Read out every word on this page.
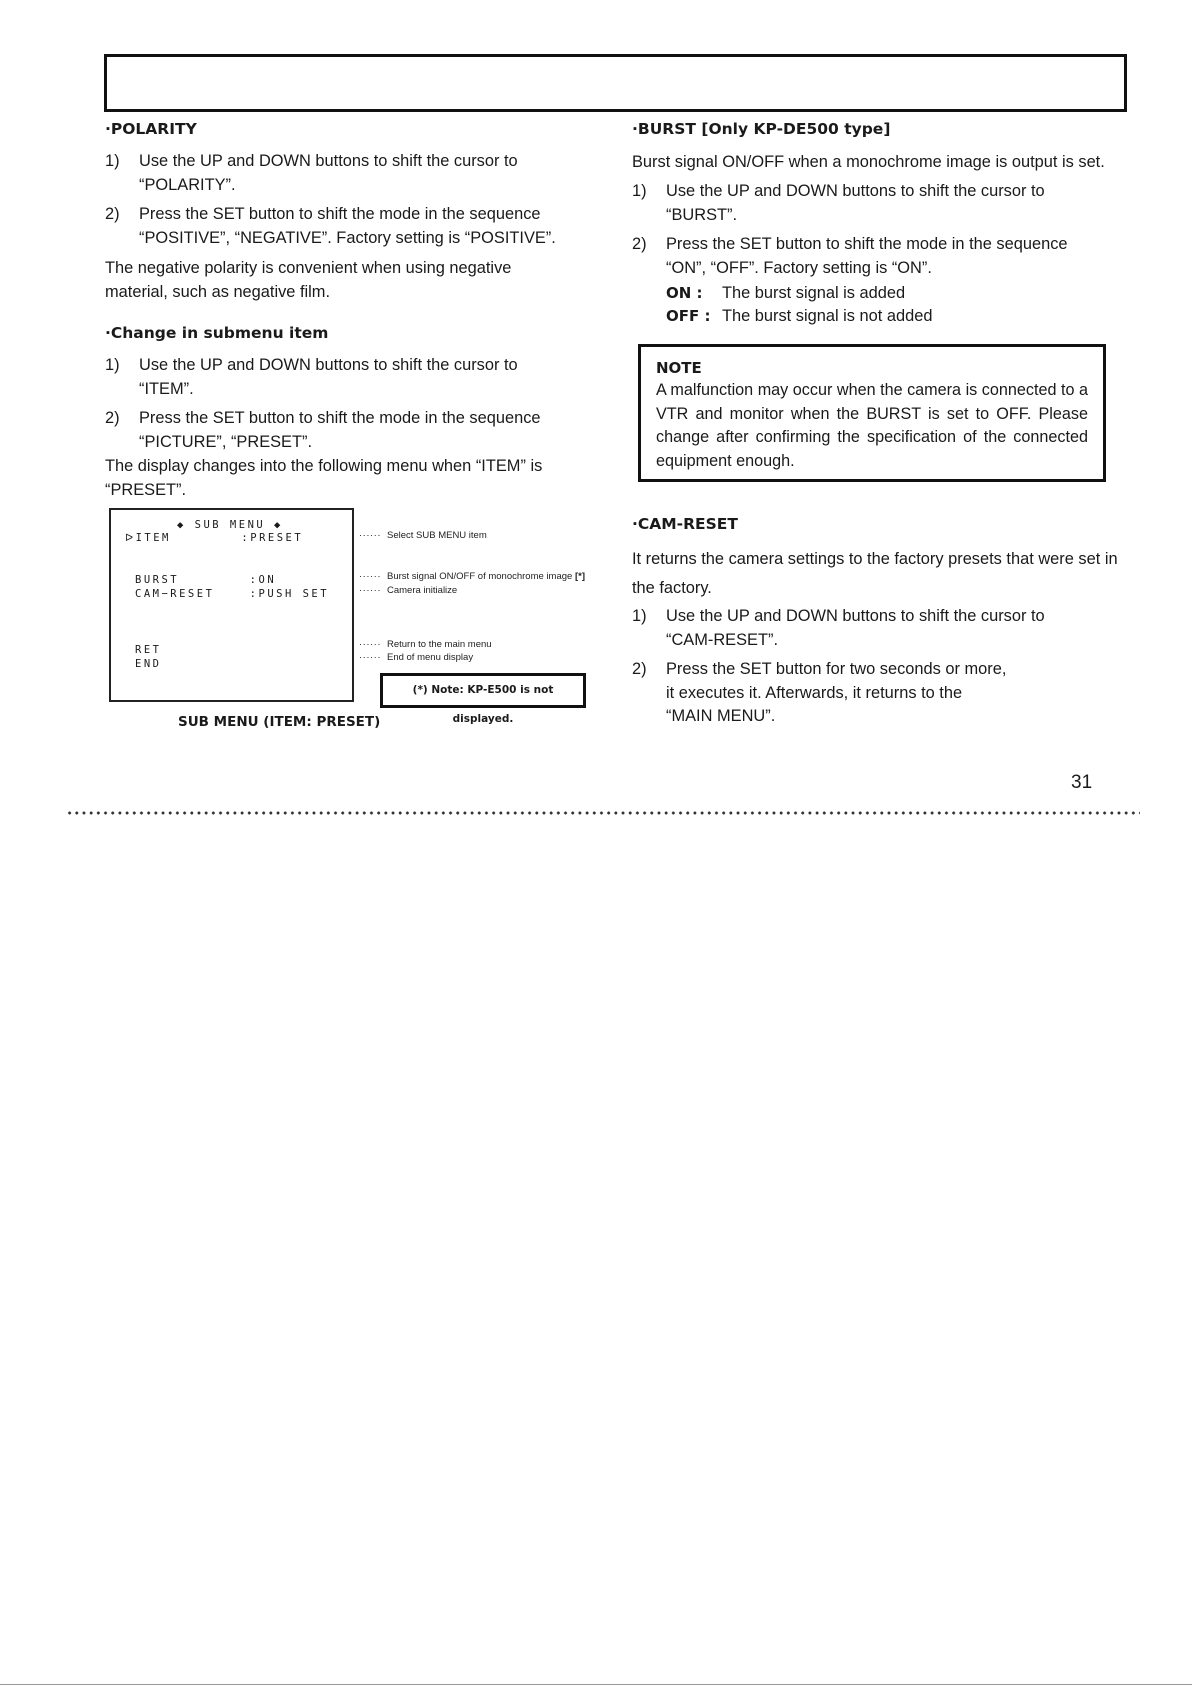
·POLARITY
1)	Use the UP and DOWN buttons to shift the cursor to “POLARITY”.
2)	Press the SET button to shift the mode in the sequence “POSITIVE”, “NEGATIVE”. Factory setting is “POSITIVE”.

The negative polarity is convenient when using negative material, such as negative film.

·Change in submenu item
1)	Use the UP and DOWN buttons to shift the cursor to “ITEM”.
2)	Press the SET button to shift the mode in the sequence “PICTURE”, “PRESET”.

The display changes into the following menu when “ITEM” is “PRESET”.

◆ SUB MENU ◆
ᐅITEM        :PRESET
BURST        :ON
CAM−RESET    :PUSH SET
RET
END
······ Select SUB MENU item
······ Burst signal ON/OFF of monochrome image [*]
······ Camera initialize
······ Return to the main menu
······ End of menu display
(*) Note: KP-E500 is not displayed.
SUB MENU (ITEM: PRESET)
·BURST [Only KP-DE500 type]

Burst signal ON/OFF when a monochrome image is output is set.

1)	Use the UP and DOWN buttons to shift the cursor to “BURST”.
2)	Press the SET button to shift the mode in the sequence “ON”, “OFF”. Factory setting is “ON”.
ON : The burst signal is added
OFF : The burst signal is not added
NOTE
A malfunction may occur when the camera is connected to a VTR and monitor when the BURST is set to OFF. Please change after confirming the specification of the connected equipment enough.
·CAM-RESET

It returns the camera settings to the factory presets that were set in the factory.

1)	Use the UP and DOWN buttons to shift the cursor to “CAM-RESET”.
2)	Press the SET button for two seconds or more, it executes it. Afterwards, it returns to the “MAIN MENU”.
31
